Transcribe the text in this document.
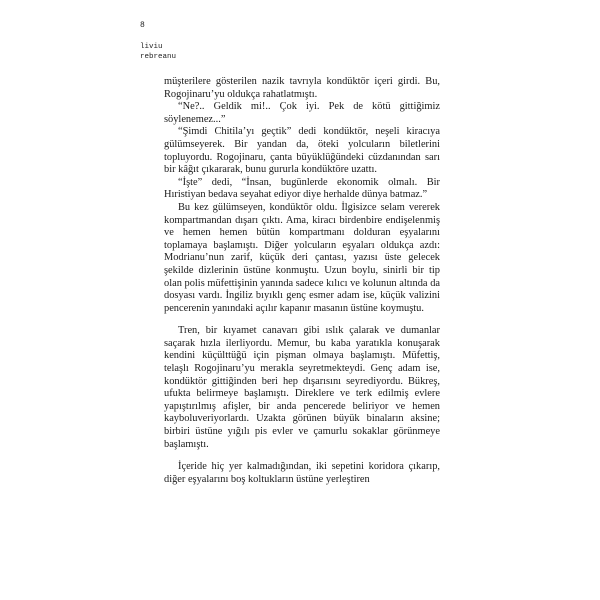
8
liviu
rebreanu

müşterilere gösterilen nazik tavrıyla kondüktör içeri girdi. Bu, Rogojinaru’yu oldukça rahatlatmıştı.

“Ne?.. Geldik mi!.. Çok iyi. Pek de kötü gittiğimiz söylenemez...”

“Şimdi Chitila’yı geçtik” dedi kondüktör, neşeli kiracıya gülümseyerek. Bir yandan da, öteki yolcuların biletlerini topluyordu. Rogojinaru, çanta büyüklüğündeki cüzdanından sarı bir kâğıt çıkararak, bunu gururla kondüktöre uzattı.

“İşte” dedi, “İnsan, bugünlerde ekonomik olmalı. Bir Hıristiyan bedava seyahat ediyor diye herhalde dünya batmaz.”

Bu kez gülümseyen, kondüktör oldu. İlgisizce selam vererek kompartmandan dışarı çıktı. Ama, kiracı birdenbire endişelenmiş ve hemen hemen bütün kompartmanı dolduran eşyalarını toplamaya başlamıştı. Diğer yolcuların eşyaları oldukça azdı: Modrianu’nun zarif, küçük deri çantası, yazısı üste gelecek şekilde dizlerinin üstüne konmuştu. Uzun boylu, sinirli bir tip olan polis müfettişinin yanında sadece kılıcı ve kolunun altında da dosyası vardı. İngiliz bıyıklı genç esmer adam ise, küçük valizini pencerenin yanındaki açılır kapanır masanın üstüne koymuştu.

Tren, bir kıyamet canavarı gibi ıslık çalarak ve dumanlar saçarak hızla ilerliyordu. Memur, bu kaba yaratıkla konuşarak kendini küçülttüğü için pişman olmaya başlamıştı. Müfettiş, telaşlı Rogojinaru’yu merakla seyretmekteydi. Genç adam ise, kondüktör gittiğinden beri hep dışarısını seyrediyordu. Bükreş, ufukta belirmeye başlamıştı. Direklere ve terk edilmiş evlere yapıştırılmış afişler, bir anda pencerede beliriyor ve hemen kayboluveriyorlardı. Uzakta görünen büyük binaların aksine; birbiri üstüne yığılı pis evler ve çamurlu sokaklar görünmeye başlamıştı.

İçeride hiç yer kalmadığından, iki sepetini koridora çıkarıp, diğer eşyalarını boş koltukların üstüne yerleştiren
